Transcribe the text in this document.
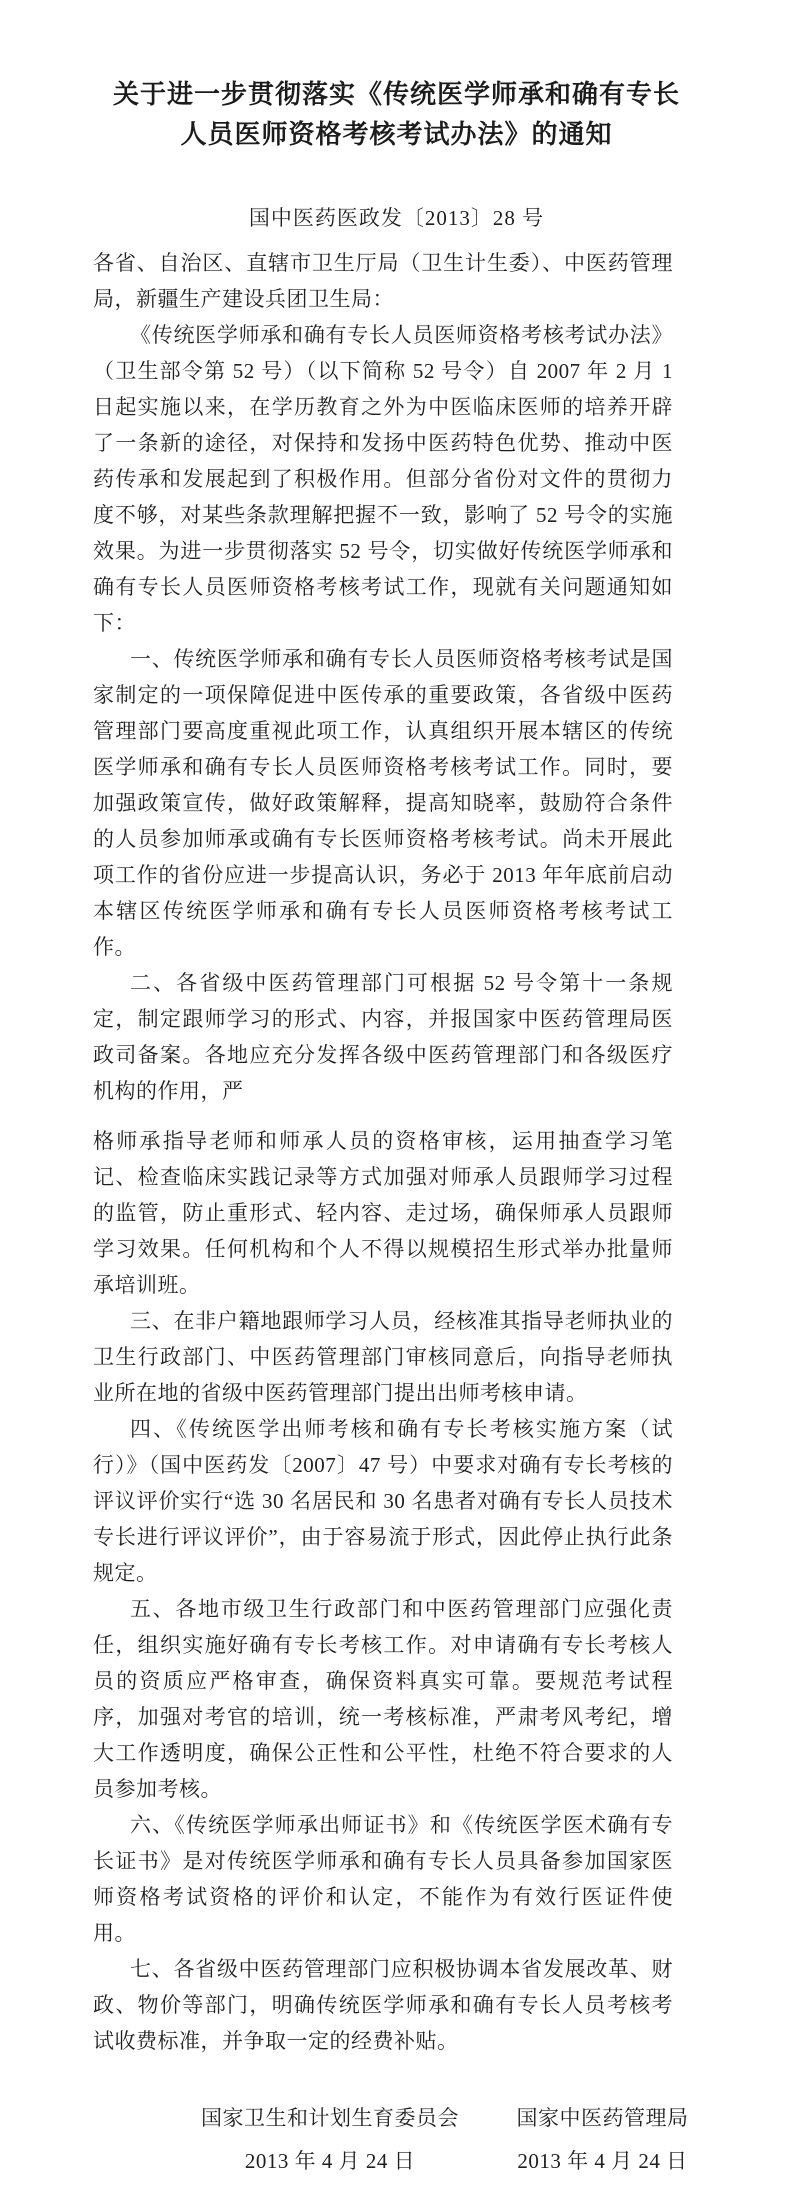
关于进一步贯彻落实《传统医学师承和确有专长
人员医师资格考核考试办法》的通知
国中医药医政发〔2013〕28 号

各省、自治区、直辖市卫生厅局（卫生计生委）、中医药管理局，新疆生产建设兵团卫生局：

《传统医学师承和确有专长人员医师资格考核考试办法》（卫生部令第 52 号）（以下简称 52 号令）自 2007 年 2 月 1 日起实施以来，在学历教育之外为中医临床医师的培养开辟了一条新的途径，对保持和发扬中医药特色优势、推动中医药传承和发展起到了积极作用。但部分省份对文件的贯彻力度不够，对某些条款理解把握不一致，影响了 52 号令的实施效果。为进一步贯彻落实 52 号令，切实做好传统医学师承和确有专长人员医师资格考核考试工作，现就有关问题通知如下：

一、传统医学师承和确有专长人员医师资格考核考试是国家制定的一项保障促进中医传承的重要政策，各省级中医药管理部门要高度重视此项工作，认真组织开展本辖区的传统医学师承和确有专长人员医师资格考核考试工作。同时，要加强政策宣传，做好政策解释，提高知晓率，鼓励符合条件的人员参加师承或确有专长医师资格考核考试。尚未开展此项工作的省份应进一步提高认识，务必于 2013 年年底前启动本辖区传统医学师承和确有专长人员医师资格考核考试工作。

二、各省级中医药管理部门可根据 52 号令第十一条规定，制定跟师学习的形式、内容，并报国家中医药管理局医政司备案。各地应充分发挥各级中医药管理部门和各级医疗机构的作用，严

格师承指导老师和师承人员的资格审核，运用抽查学习笔记、检查临床实践记录等方式加强对师承人员跟师学习过程的监管，防止重形式、轻内容、走过场，确保师承人员跟师学习效果。任何机构和个人不得以规模招生形式举办批量师承培训班。

三、在非户籍地跟师学习人员，经核准其指导老师执业的卫生行政部门、中医药管理部门审核同意后，向指导老师执业所在地的省级中医药管理部门提出出师考核申请。

四、《传统医学出师考核和确有专长考核实施方案（试行）》（国中医药发〔2007〕47 号）中要求对确有专长考核的评议评价实行“选 30 名居民和 30 名患者对确有专长人员技术专长进行评议评价”，由于容易流于形式，因此停止执行此条规定。

五、各地市级卫生行政部门和中医药管理部门应强化责任，组织实施好确有专长考核工作。对申请确有专长考核人员的资质应严格审查，确保资料真实可靠。要规范考试程序，加强对考官的培训，统一考核标准，严肃考风考纪，增大工作透明度，确保公正性和公平性，杜绝不符合要求的人员参加考核。

六、《传统医学师承出师证书》和《传统医学医术确有专长证书》是对传统医学师承和确有专长人员具备参加国家医师资格考试资格的评价和认定，不能作为有效行医证件使用。

七、各省级中医药管理部门应积极协调本省发展改革、财政、物价等部门，明确传统医学师承和确有专长人员考核考试收费标准，并争取一定的经费补贴。

国家卫生和计划生育委员会
2013 年 4 月 24 日
国家中医药管理局
2013 年 4 月 24 日
